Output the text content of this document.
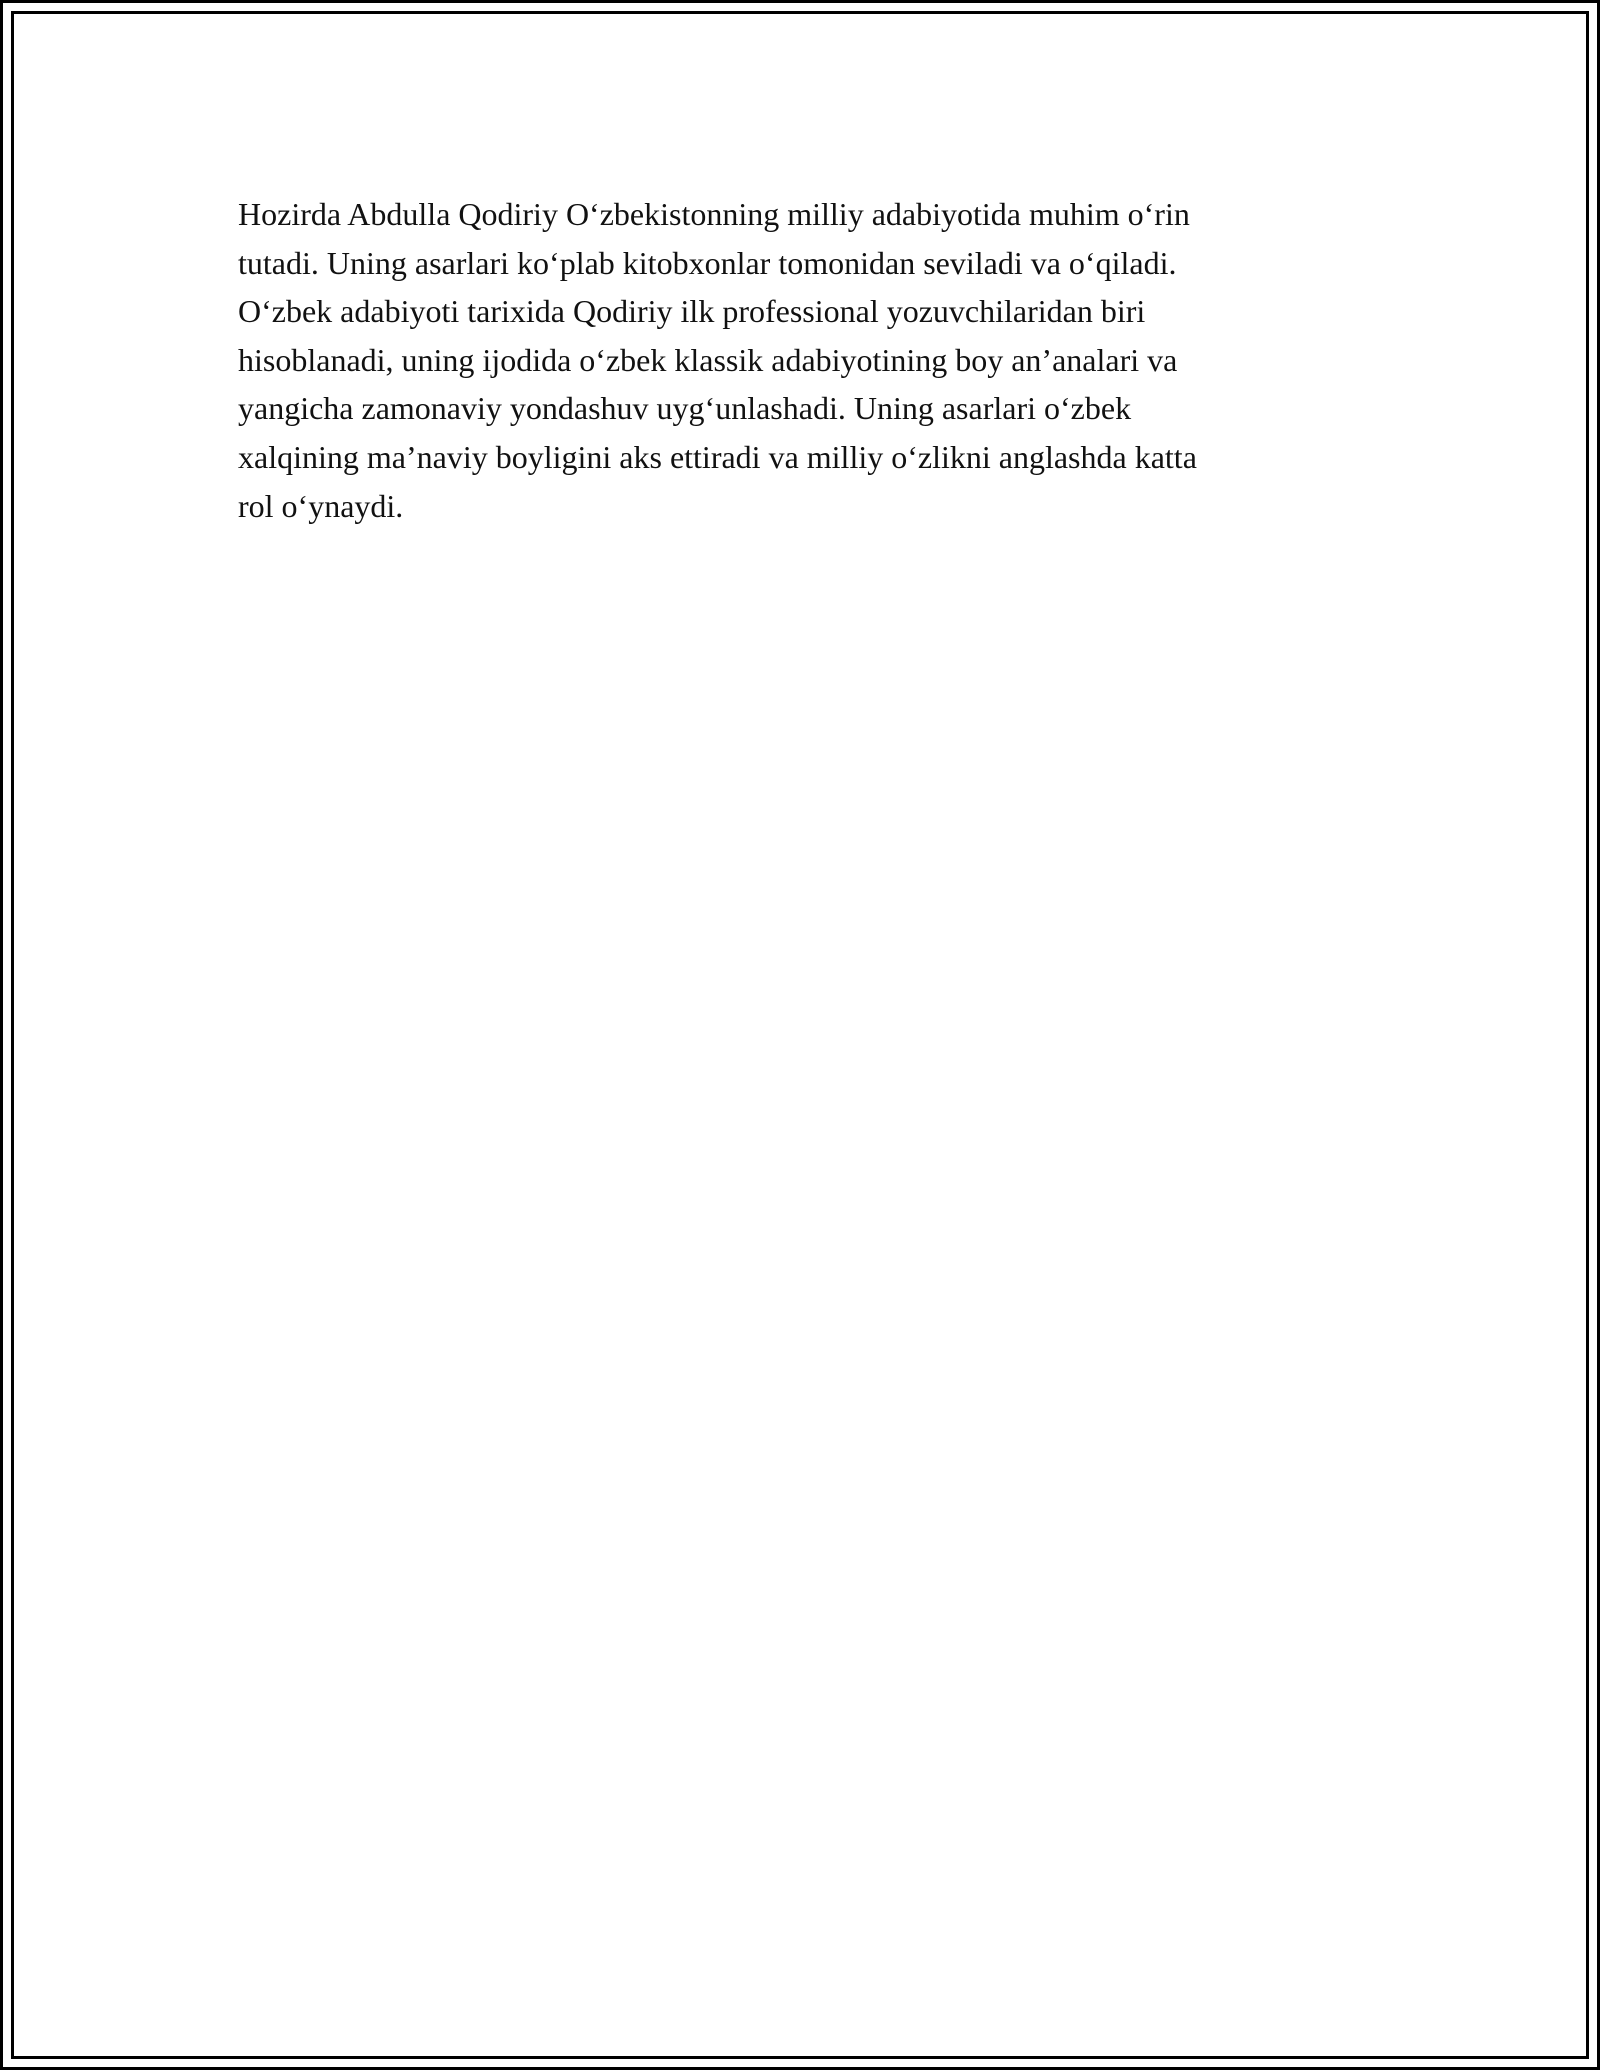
Hozirda Abdulla Qodiriy O‘zbekistonning milliy adabiyotida muhim o‘rin
tutadi. Uning asarlari ko‘plab kitobxonlar tomonidan seviladi va o‘qiladi.
O‘zbek adabiyoti tarixida Qodiriy ilk professional yozuvchilaridan biri
hisoblanadi, uning ijodida o‘zbek klassik adabiyotining boy an’analari va
yangicha zamonaviy yondashuv uyg‘unlashadi. Uning asarlari o‘zbek
xalqining ma’naviy boyligini aks ettiradi va milliy o‘zlikni anglashda katta
rol o‘ynaydi.
